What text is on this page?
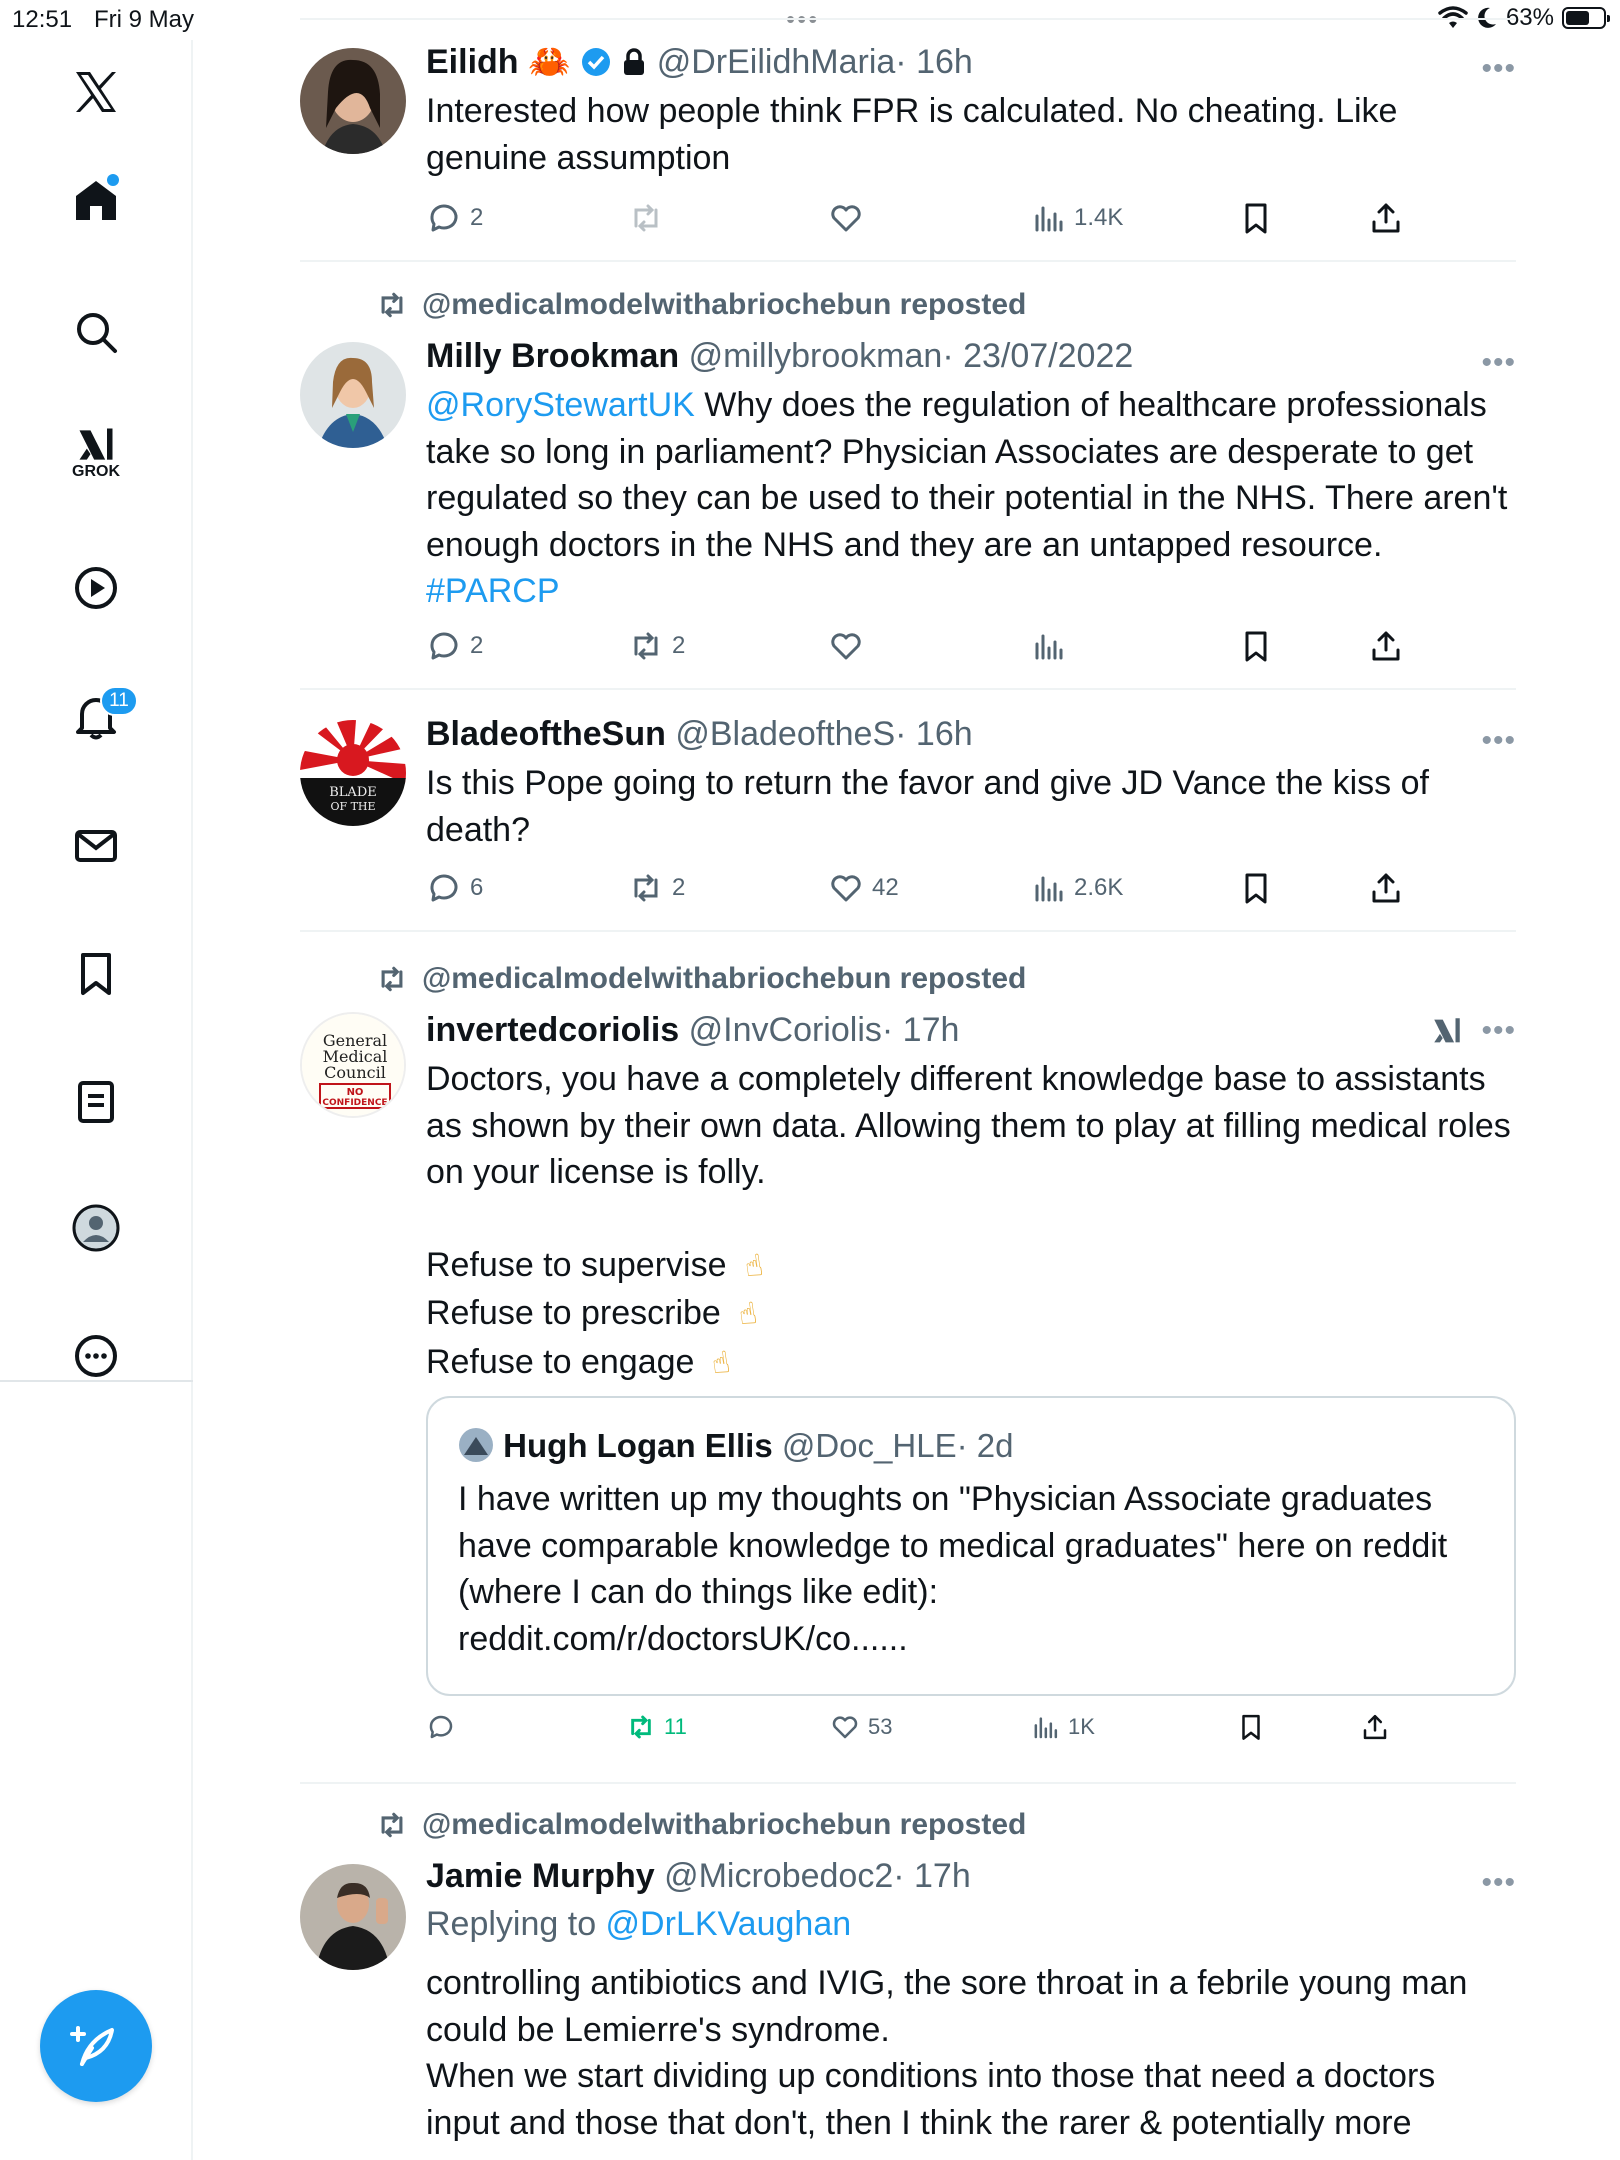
12:51 Fri 9 May	•••	63%
GROK
11
Eilidh 🦀	@DrEilidhMaria· 16h
Interested how people think FPR is calculated. No cheating. Like genuine assumption
•••
2	1.4K
@medicalmodelwithabriochebun reposted
Milly Brookman @millybrookman· 23/07/2022
@RoryStewartUK Why does the regulation of healthcare professionals take so long in parliament? Physician Associates are desperate to get regulated so they can be used to their potential in the NHS. There aren't enough doctors in the NHS and they are an untapped resource.
#PARCP
•••
2	2
BLADE
OF THE
BladeoftheSun @BladeoftheS· 16h
Is this Pope going to return the favor and give JD Vance the kiss of death?
•••
6	2	42	2.6K
@medicalmodelwithabriochebun reposted
General
Medical
Council
NO
CONFIDENCE
invertedcoriolis @InvCoriolis· 17h	•••
Doctors, you have a completely different knowledge base to assistants as shown by their own data. Allowing them to play at filling medical roles on your license is folly.
Refuse to supervise ☝
Refuse to prescribe ☝
Refuse to engage ☝
Hugh Logan Ellis @Doc_HLE· 2d
I have written up my thoughts on "Physician Associate graduates have comparable knowledge to medical graduates" here on reddit (where I can do things like edit):
reddit.com/r/doctorsUK/co......
11	53	1K
@medicalmodelwithabriochebun reposted
Jamie Murphy @Microbedoc2· 17h	•••
Replying to @DrLKVaughan
controlling antibiotics and IVIG, the sore throat in a febrile young man could be Lemierre's syndrome.
When we start dividing up conditions into those that need a doctors input and those that don't, then I think the rarer & potentially more
